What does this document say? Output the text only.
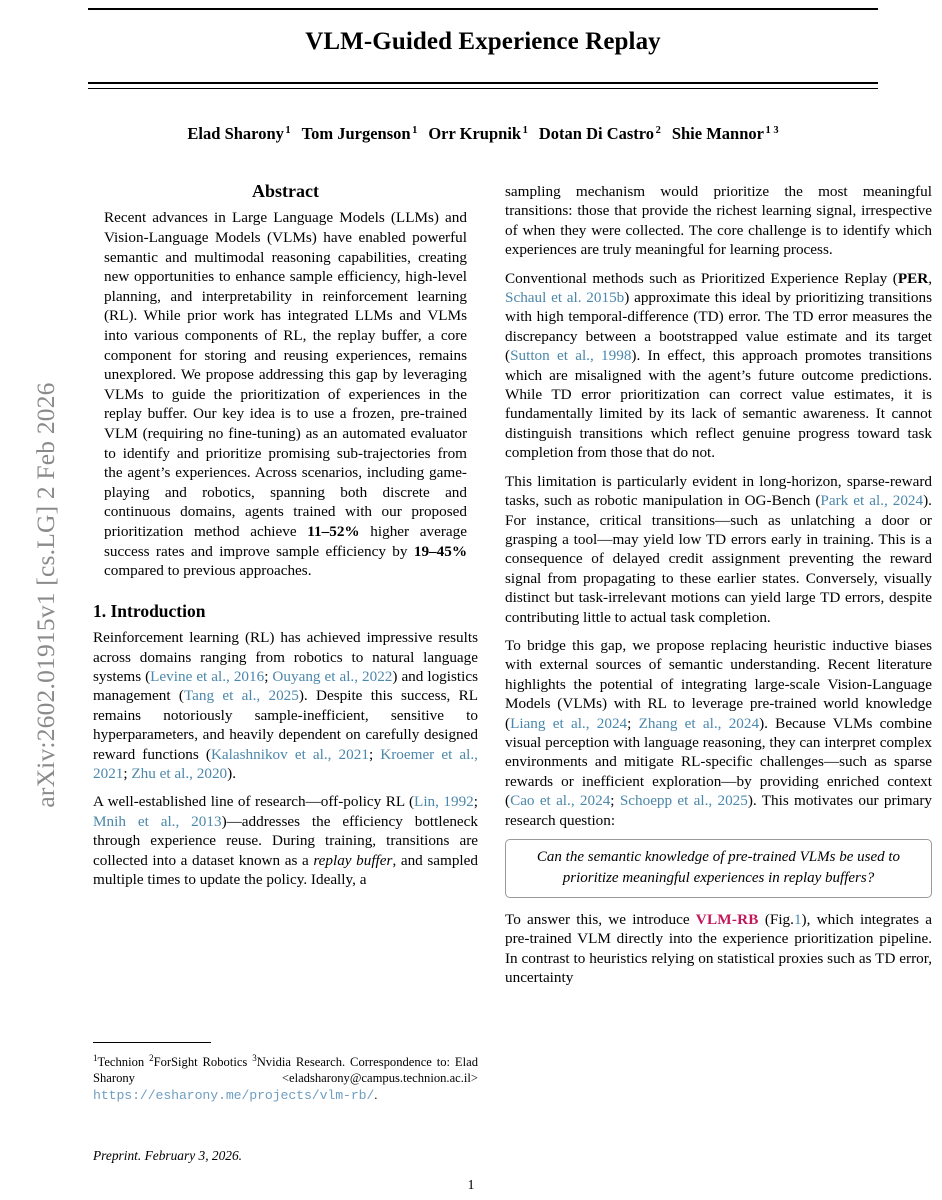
arXiv:2602.01915v1 [cs.LG] 2 Feb 2026
VLM-Guided Experience Replay
Elad Sharony $^1$ Tom Jurgenson $^1$ Orr Krupnik $^1$ Dotan Di Castro $^2$ Shie Mannor $^{1 3}$
Abstract

Recent advances in Large Language Models (LLMs) and Vision-Language Models (VLMs) have enabled powerful semantic and multimodal reasoning capabilities, creating new opportunities to enhance sample efficiency, high-level planning, and interpretability in reinforcement learning (RL). While prior work has integrated LLMs and VLMs into various components of RL, the replay buffer, a core component for storing and reusing experiences, remains unexplored. We propose addressing this gap by leveraging VLMs to guide the prioritization of experiences in the replay buffer. Our key idea is to use a frozen, pre-trained VLM (requiring no fine-tuning) as an automated evaluator to identify and prioritize promising sub-trajectories from the agent’s experiences. Across scenarios, including game-playing and robotics, spanning both discrete and continuous domains, agents trained with our proposed prioritization method achieve 11–52% higher average success rates and improve sample efficiency by 19–45% compared to previous approaches.

1. Introduction

Reinforcement learning (RL) has achieved impressive results across domains ranging from robotics to natural language systems (Levine et al., 2016; Ouyang et al., 2022) and logistics management (Tang et al., 2025). Despite this success, RL remains notoriously sample-inefficient, sensitive to hyperparameters, and heavily dependent on carefully designed reward functions (Kalashnikov et al., 2021; Kroemer et al., 2021; Zhu et al., 2020).

A well-established line of research—off-policy RL (Lin, 1992; Mnih et al., 2013)—addresses the efficiency bottleneck through experience reuse. During training, transitions are collected into a dataset known as a replay buffer, and sampled multiple times to update the policy. Ideally, a

sampling mechanism would prioritize the most meaningful transitions: those that provide the richest learning signal, irrespective of when they were collected. The core challenge is to identify which experiences are truly meaningful for learning process.

Conventional methods such as Prioritized Experience Replay (PER, Schaul et al. 2015b) approximate this ideal by prioritizing transitions with high temporal-difference (TD) error. The TD error measures the discrepancy between a bootstrapped value estimate and its target (Sutton et al., 1998). In effect, this approach promotes transitions which are misaligned with the agent’s future outcome predictions. While TD error prioritization can correct value estimates, it is fundamentally limited by its lack of semantic awareness. It cannot distinguish transitions which reflect genuine progress toward task completion from those that do not.

This limitation is particularly evident in long-horizon, sparse-reward tasks, such as robotic manipulation in OG-Bench (Park et al., 2024). For instance, critical transitions—such as unlatching a door or grasping a tool—may yield low TD errors early in training. This is a consequence of delayed credit assignment preventing the reward signal from propagating to these earlier states. Conversely, visually distinct but task-irrelevant motions can yield large TD errors, despite contributing little to actual task completion.

To bridge this gap, we propose replacing heuristic inductive biases with external sources of semantic understanding. Recent literature highlights the potential of integrating large-scale Vision-Language Models (VLMs) with RL to leverage pre-trained world knowledge (Liang et al., 2024; Zhang et al., 2024). Because VLMs combine visual perception with language reasoning, they can interpret complex environments and mitigate RL-specific challenges—such as sparse rewards or inefficient exploration—by providing enriched context (Cao et al., 2024; Schoepp et al., 2025). This motivates our primary research question:

Can the semantic knowledge of pre-trained VLMs be used to prioritize meaningful experiences in replay buffers?

To answer this, we introduce VLM-RB (Fig.1), which integrates a pre-trained VLM directly into the experience prioritization pipeline. In contrast to heuristics relying on statistical proxies such as TD error, uncertainty

$^1$Technion $^2$ForSight Robotics $^3$Nvidia Research. Correspondence to: Elad Sharony <eladsharony@campus.technion.ac.il> https://esharony.me/projects/vlm-rb/.
Preprint. February 3, 2026.
1
